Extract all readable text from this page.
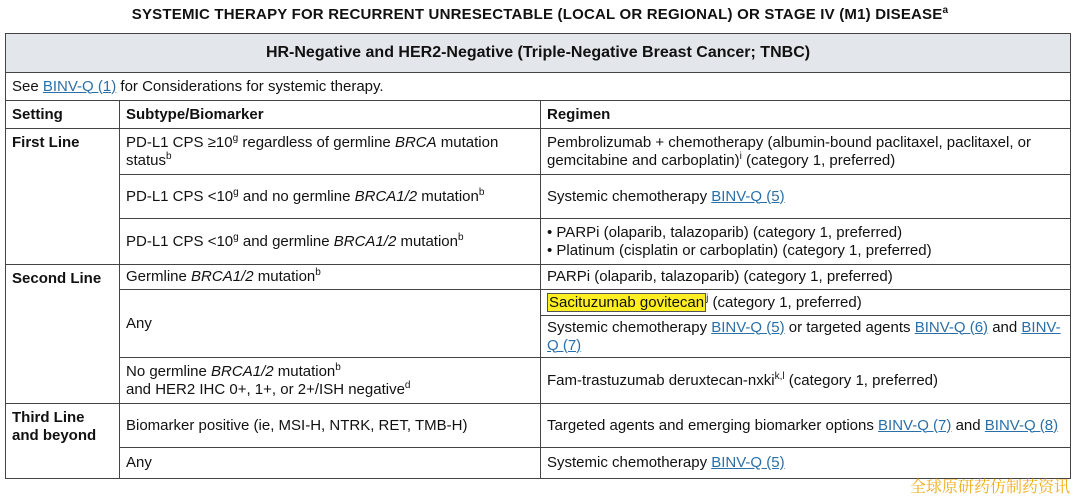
SYSTEMIC THERAPY FOR RECURRENT UNRESECTABLE (LOCAL OR REGIONAL) OR STAGE IV (M1) DISEASE$^a$
HR-Negative and HER2-Negative (Triple-Negative Breast Cancer; TNBC)		
See BINV-Q (1) for Considerations for systemic therapy.		
Setting	Subtype/Biomarker	Regimen
First Line	PD-L1 CPS $\ge 10^g$ regardless of germline BRCA mutation status$^b$	Pembrolizumab + chemotherapy (albumin-bound paclitaxel, paclitaxel, or gemcitabine and carboplatin)$^i$ (category 1, preferred)
	PD-L1 CPS $<10^g$ and no germline BRCA1/2 mutation$^b$	Systemic chemotherapy BINV-Q (5)
	PD-L1 CPS $<10^g$ and germline BRCA1/2 mutation$^b$	• PARPi (olaparib, talazoparib) (category 1, preferred)
• Platinum (cisplatin or carboplatin) (category 1, preferred)

Second Line	Germline BRCA1/2 mutation$^b$	PARPi (olaparib, talazoparib) (category 1, preferred)
	Any	Sacituzumab govitecan $^j$ (category 1, preferred)
		Systemic chemotherapy BINV-Q (5) or targeted agents BINV-Q (6) and BINV-Q (7)

	No germline BRCA1/2 mutation$^b$
and HER2 IHC 0+, 1+, or 2+/ISH negative$^d$	Fam-trastuzumab deruxtecan-nxki$^{k,l}$ (category 1, preferred)

Third Line
and beyond	Biomarker positive (ie, MSI-H, NTRK, RET, TMB-H)	Targeted agents and emerging biomarker options BINV-Q (7) and BINV-Q (8)
	Any	Systemic chemotherapy BINV-Q (5)
全球原研药仿制药资讯
